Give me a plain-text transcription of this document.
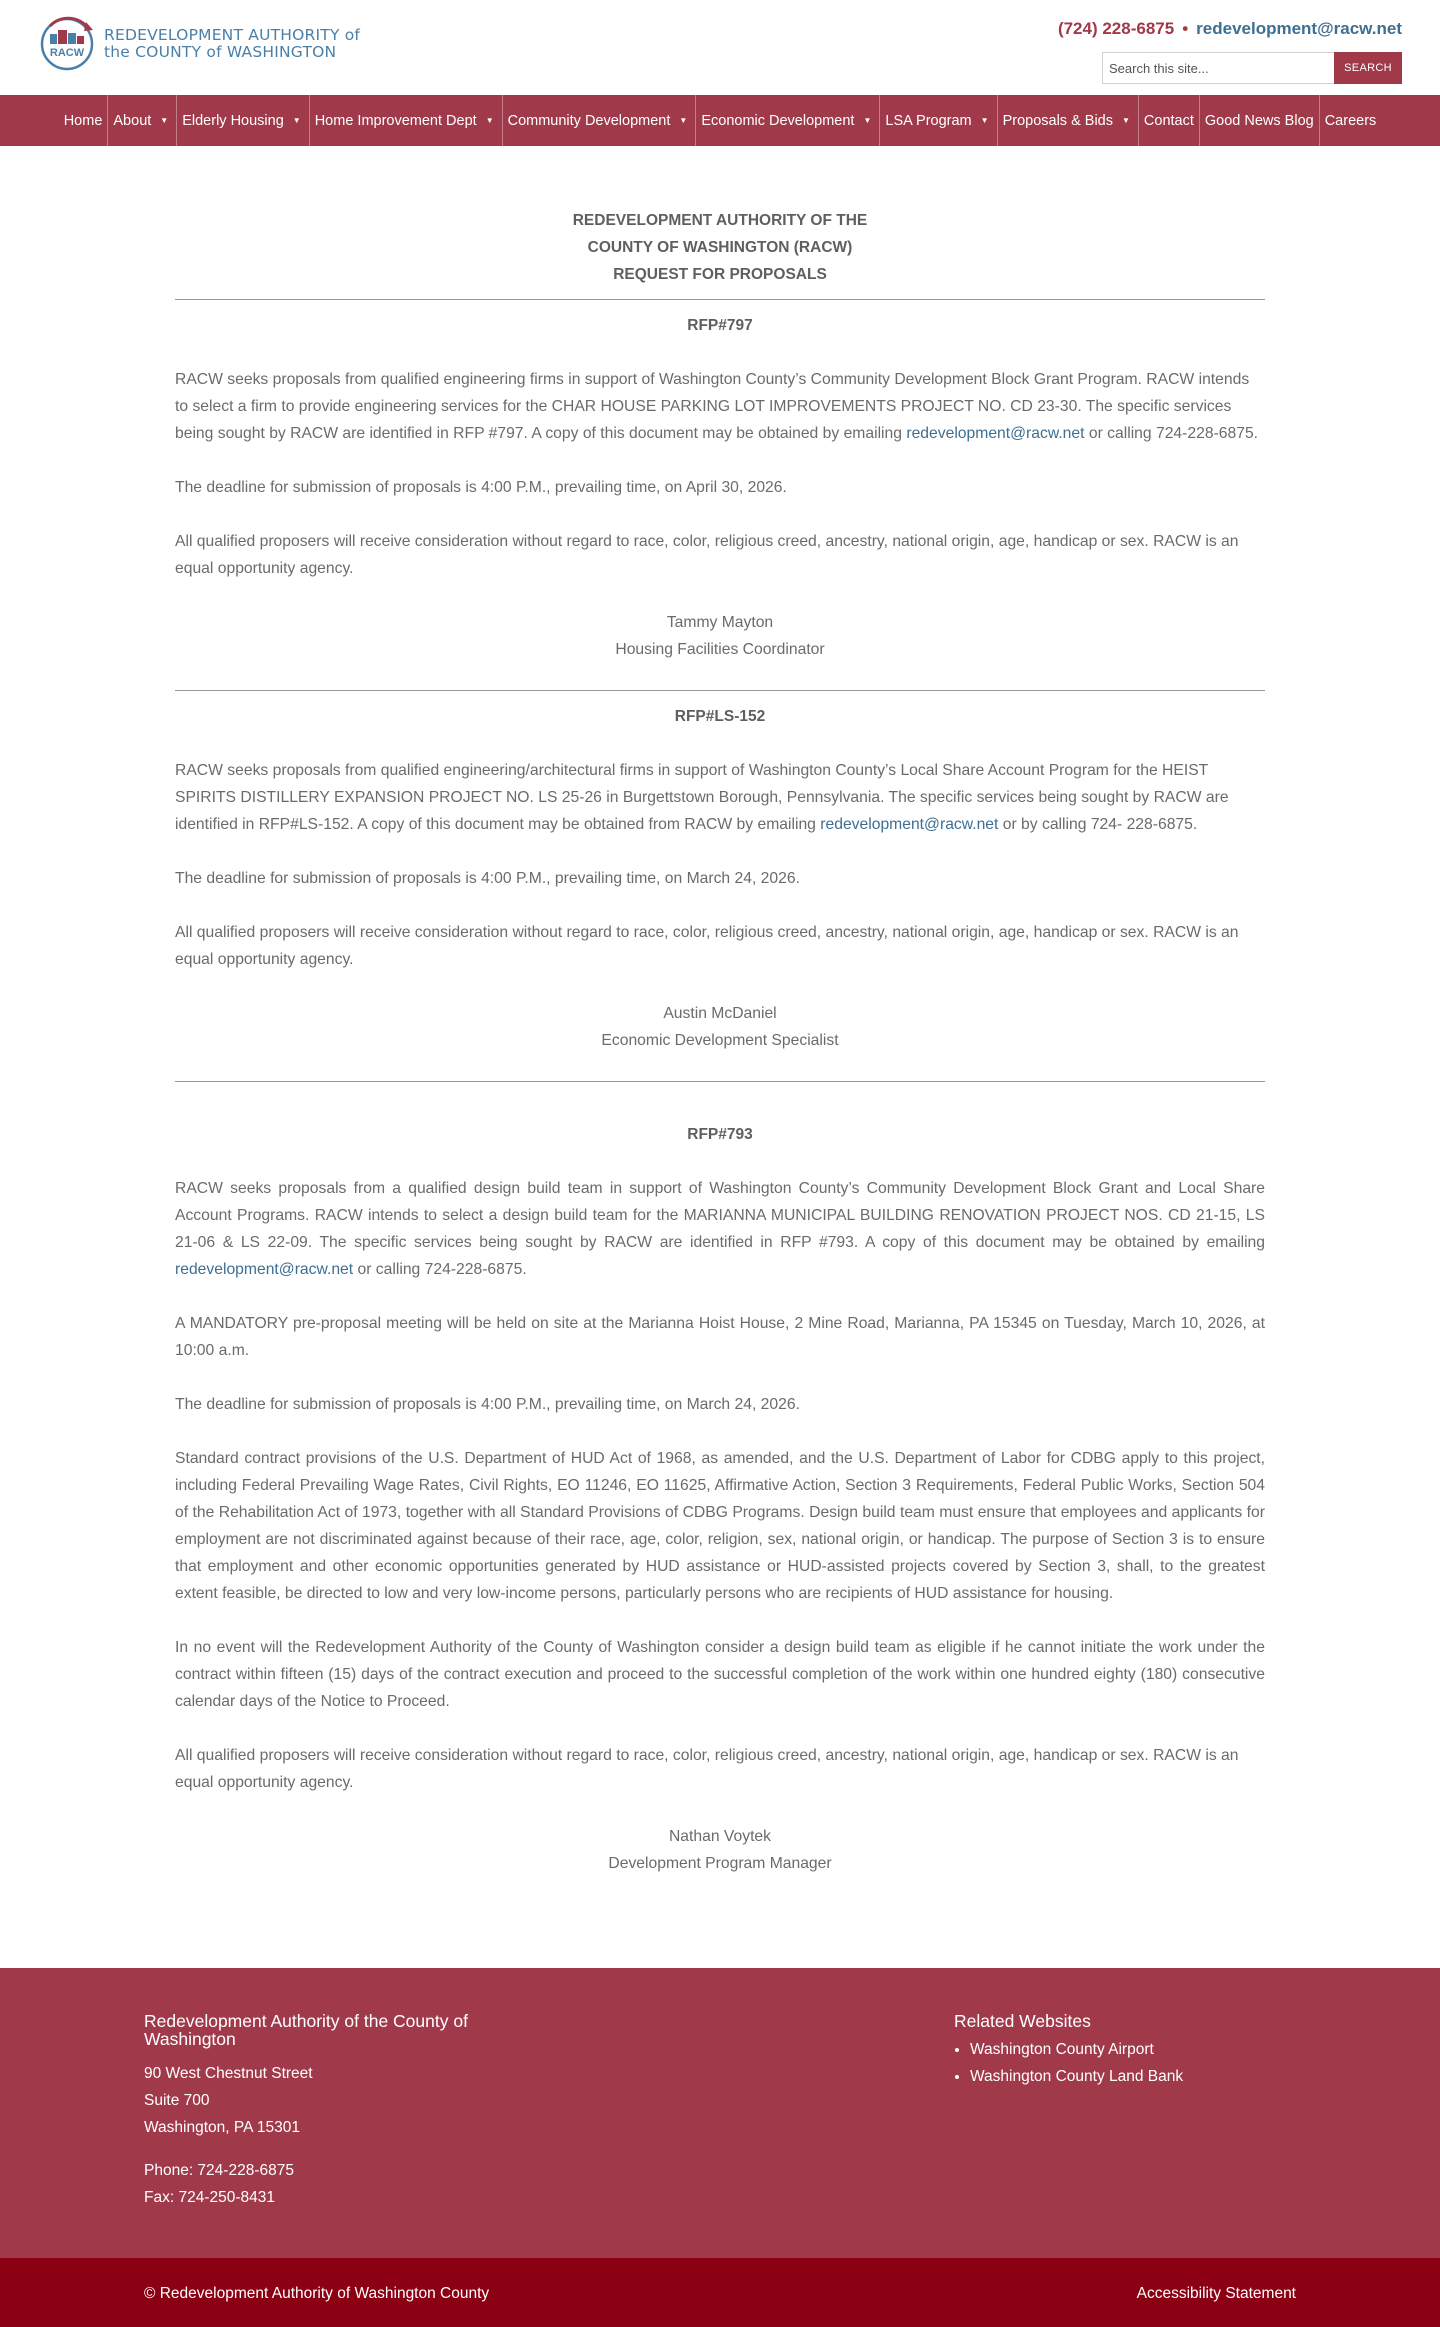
RACW
REDEVELOPMENT AUTHORITY of
the COUNTY of WASHINGTON
(724) 228-6875 • redevelopment@racw.net
Search this site...
SEARCH
Home About ▼ Elderly Housing ▼ Home Improvement Dept ▼ Community Development ▼ Economic Development ▼ LSA Program ▼ Proposals & Bids ▼ Contact Good News Blog Careers
REDEVELOPMENT AUTHORITY OF THE
COUNTY OF WASHINGTON (RACW)
REQUEST FOR PROPOSALS
RFP#797

RACW seeks proposals from qualified engineering firms in support of Washington County’s Community Development Block Grant Program. RACW intends to select a firm to provide engineering services for the CHAR HOUSE PARKING LOT IMPROVEMENTS PROJECT NO. CD 23-30. The specific services being sought by RACW are identified in RFP #797. A copy of this document may be obtained by emailing redevelopment@racw.net or calling 724-228-6875.

The deadline for submission of proposals is 4:00 P.M., prevailing time, on April 30, 2026.

All qualified proposers will receive consideration without regard to race, color, religious creed, ancestry, national origin, age, handicap or sex. RACW is an equal opportunity agency.

Tammy Mayton
Housing Facilities Coordinator
RFP#LS-152

RACW seeks proposals from qualified engineering/architectural firms in support of Washington County’s Local Share Account Program for the HEIST SPIRITS DISTILLERY EXPANSION PROJECT NO. LS 25-26 in Burgettstown Borough, Pennsylvania. The specific services being sought by RACW are identified in RFP#LS-152. A copy of this document may be obtained from RACW by emailing redevelopment@racw.net or by calling 724- 228-6875.

The deadline for submission of proposals is 4:00 P.M., prevailing time, on March 24, 2026.

All qualified proposers will receive consideration without regard to race, color, religious creed, ancestry, national origin, age, handicap or sex. RACW is an equal opportunity agency.

Austin McDaniel
Economic Development Specialist
RFP#793

RACW seeks proposals from a qualified design build team in support of Washington County’s Community Development Block Grant and Local Share Account Programs. RACW intends to select a design build team for the MARIANNA MUNICIPAL BUILDING RENOVATION PROJECT NOS. CD 21-15, LS 21-06 & LS 22-09. The specific services being sought by RACW are identified in RFP #793. A copy of this document may be obtained by emailing redevelopment@racw.net or calling 724-228-6875.

A MANDATORY pre-proposal meeting will be held on site at the Marianna Hoist House, 2 Mine Road, Marianna, PA 15345 on Tuesday, March 10, 2026, at 10:00 a.m.

The deadline for submission of proposals is 4:00 P.M., prevailing time, on March 24, 2026.

Standard contract provisions of the U.S. Department of HUD Act of 1968, as amended, and the U.S. Department of Labor for CDBG apply to this project, including Federal Prevailing Wage Rates, Civil Rights, EO 11246, EO 11625, Affirmative Action, Section 3 Requirements, Federal Public Works, Section 504 of the Rehabilitation Act of 1973, together with all Standard Provisions of CDBG Programs. Design build team must ensure that employees and applicants for employment are not discriminated against because of their race, age, color, religion, sex, national origin, or handicap. The purpose of Section 3 is to ensure that employment and other economic opportunities generated by HUD assistance or HUD-assisted projects covered by Section 3, shall, to the greatest extent feasible, be directed to low and very low-income persons, particularly persons who are recipients of HUD assistance for housing.

In no event will the Redevelopment Authority of the County of Washington consider a design build team as eligible if he cannot initiate the work under the contract within fifteen (15) days of the contract execution and proceed to the successful completion of the work within one hundred eighty (180) consecutive calendar days of the Notice to Proceed.

All qualified proposers will receive consideration without regard to race, color, religious creed, ancestry, national origin, age, handicap or sex. RACW is an equal opportunity agency.

Nathan Voytek
Development Program Manager
Redevelopment Authority of the County of Washington
90 West Chestnut Street
Suite 700
Washington, PA 15301
Phone: 724-228-6875
Fax: 724-250-8431
Related Websites
• Washington County Airport
• Washington County Land Bank
© Redevelopment Authority of Washington County	Accessibility Statement
